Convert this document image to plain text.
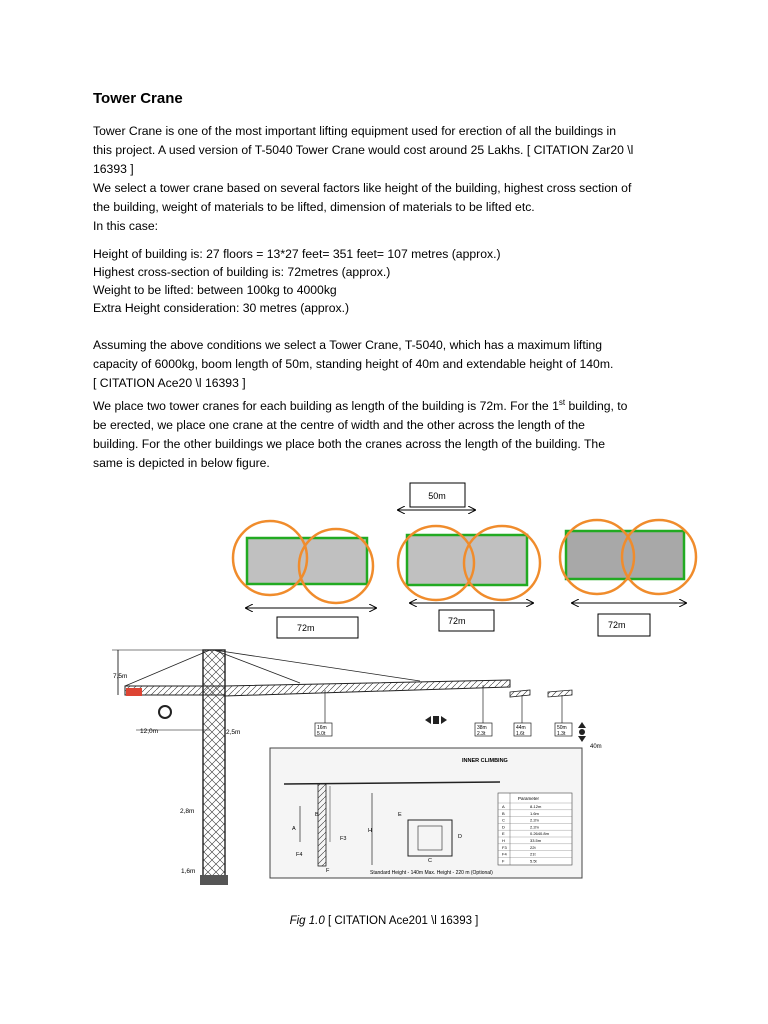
Tower Crane

Tower Crane is one of the most important lifting equipment used for erection of all the buildings in

this project. A used version of T-5040 Tower Crane would cost around 25 Lakhs. [ CITATION Zar20 \l

16393 ]

We select a tower crane based on several factors like height of the building, highest cross section of

the building, weight of materials to be lifted, dimension of materials to be lifted etc.

In this case:

Height of building is: 27 floors = 13*27 feet= 351 feet= 107 metres (approx.)

Highest cross-section of building is: 72metres (approx.)

Weight to be lifted: between 100kg to 4000kg

Extra Height consideration: 30 metres (approx.)

Assuming the above conditions we select a Tower Crane, T-5040, which has a maximum lifting

capacity of 6000kg, boom length of 50m, standing height of 40m and extendable height of 140m.

[ CITATION Ace20 \l 16393 ]

We place two tower cranes for each building as length of the building is 72m. For the 1st building, to

be erected, we place one crane at the centre of width and the other across the length of the

building. For the other buildings we place both the cranes across the length of the building. The

same is depicted in below figure.

50m
72m
72m	72m
7,5m
12,0m	2,5m
2,8m
1,6m
16m
5.0t
38m
2.3t
44m
1.6t
50m
1.3t
40m
INNER CLIMBING
B	E
H
A
F4
F3	D
C
F	Standard Height - 140m Max. Height - 220 m (Optional)
Parameter
A	8-12m
B	1.6m
C	2.2m
D	2.2m
E	0.2640.8m
H	33.5m
F3	22t
F4	21t
F	5.5t
Fig 1.0 [ CITATION Ace201 \l 16393 ]
